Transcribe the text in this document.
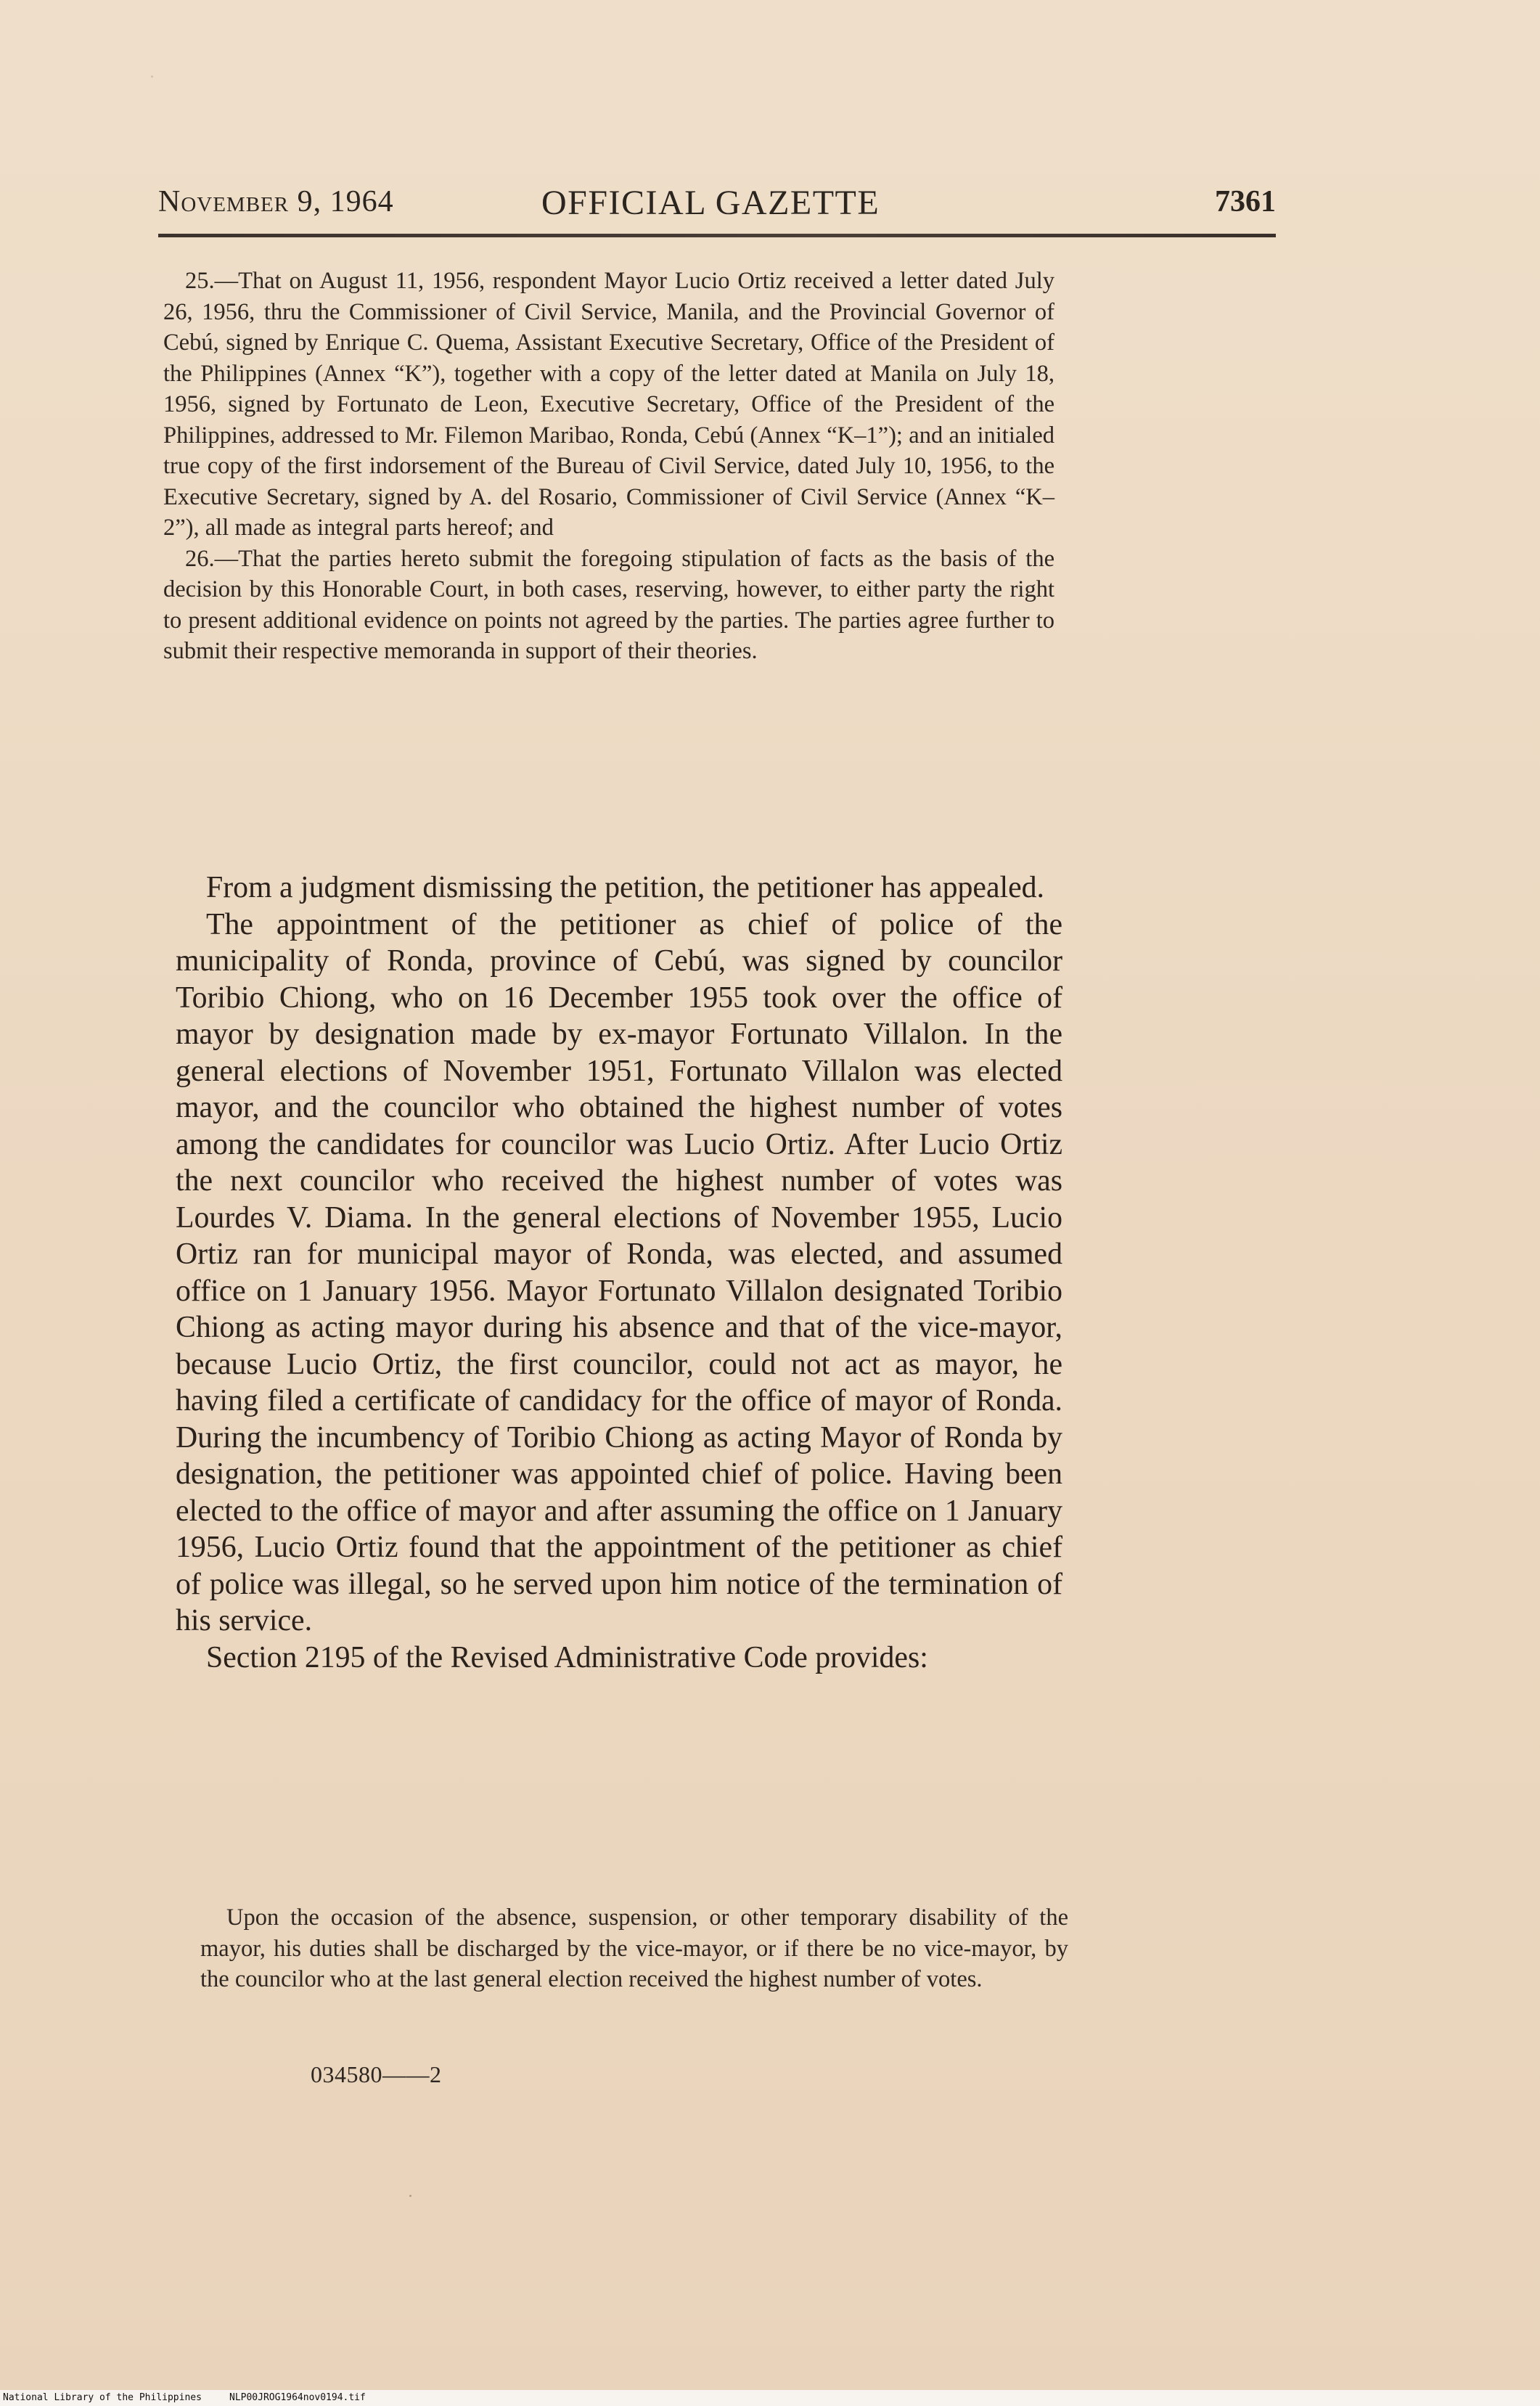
November 9, 1964	OFFICIAL GAZETTE	7361

25.—That on August 11, 1956, respondent Mayor Lucio Ortiz received a letter dated July 26, 1956, thru the Commissioner of Civil Service, Manila, and the Provincial Governor of Cebú, signed by Enrique C. Quema, Assistant Executive Secretary, Office of the President of the Philippines (Annex “K”), together with a copy of the letter dated at Manila on July 18, 1956, signed by Fortunato de Leon, Executive Secretary, Office of the President of the Philippines, addressed to Mr. Filemon Maribao, Ronda, Cebú (Annex “K–1”); and an initialed true copy of the first indorsement of the Bureau of Civil Service, dated July 10, 1956, to the Executive Secretary, signed by A. del Rosario, Commissioner of Civil Service (Annex “K–2”), all made as integral parts hereof; and

26.—That the parties hereto submit the foregoing stipulation of facts as the basis of the decision by this Honorable Court, in both cases, reserving, however, to either party the right to present additional evidence on points not agreed by the parties. The parties agree further to submit their respective memoranda in support of their theories.

From a judgment dismissing the petition, the petitioner has appealed.

The appointment of the petitioner as chief of police of the municipality of Ronda, province of Cebú, was signed by councilor Toribio Chiong, who on 16 December 1955 took over the office of mayor by designation made by ex-mayor Fortunato Villalon. In the general elections of November 1951, Fortunato Villalon was elected mayor, and the councilor who obtained the highest number of votes among the candidates for councilor was Lucio Ortiz. After Lucio Ortiz the next councilor who received the highest number of votes was Lourdes V. Diama. In the general elections of November 1955, Lucio Ortiz ran for municipal mayor of Ronda, was elected, and assumed office on 1 January 1956. Mayor Fortunato Villalon designated Toribio Chiong as acting mayor during his absence and that of the vice-mayor, because Lucio Ortiz, the first councilor, could not act as mayor, he having filed a certificate of candidacy for the office of mayor of Ronda. During the incumbency of Toribio Chiong as acting Mayor of Ronda by designation, the petitioner was appointed chief of police. Having been elected to the office of mayor and after assuming the office on 1 January 1956, Lucio Ortiz found that the appointment of the petitioner as chief of police was illegal, so he served upon him notice of the termination of his service.

Section 2195 of the Revised Administrative Code provides:

Upon the occasion of the absence, suspension, or other temporary disability of the mayor, his duties shall be discharged by the vice-mayor, or if there be no vice-mayor, by the councilor who at the last general election received the highest number of votes.

034580——2
National Library of the Philippines	NLP00JROG1964nov0194.tif
